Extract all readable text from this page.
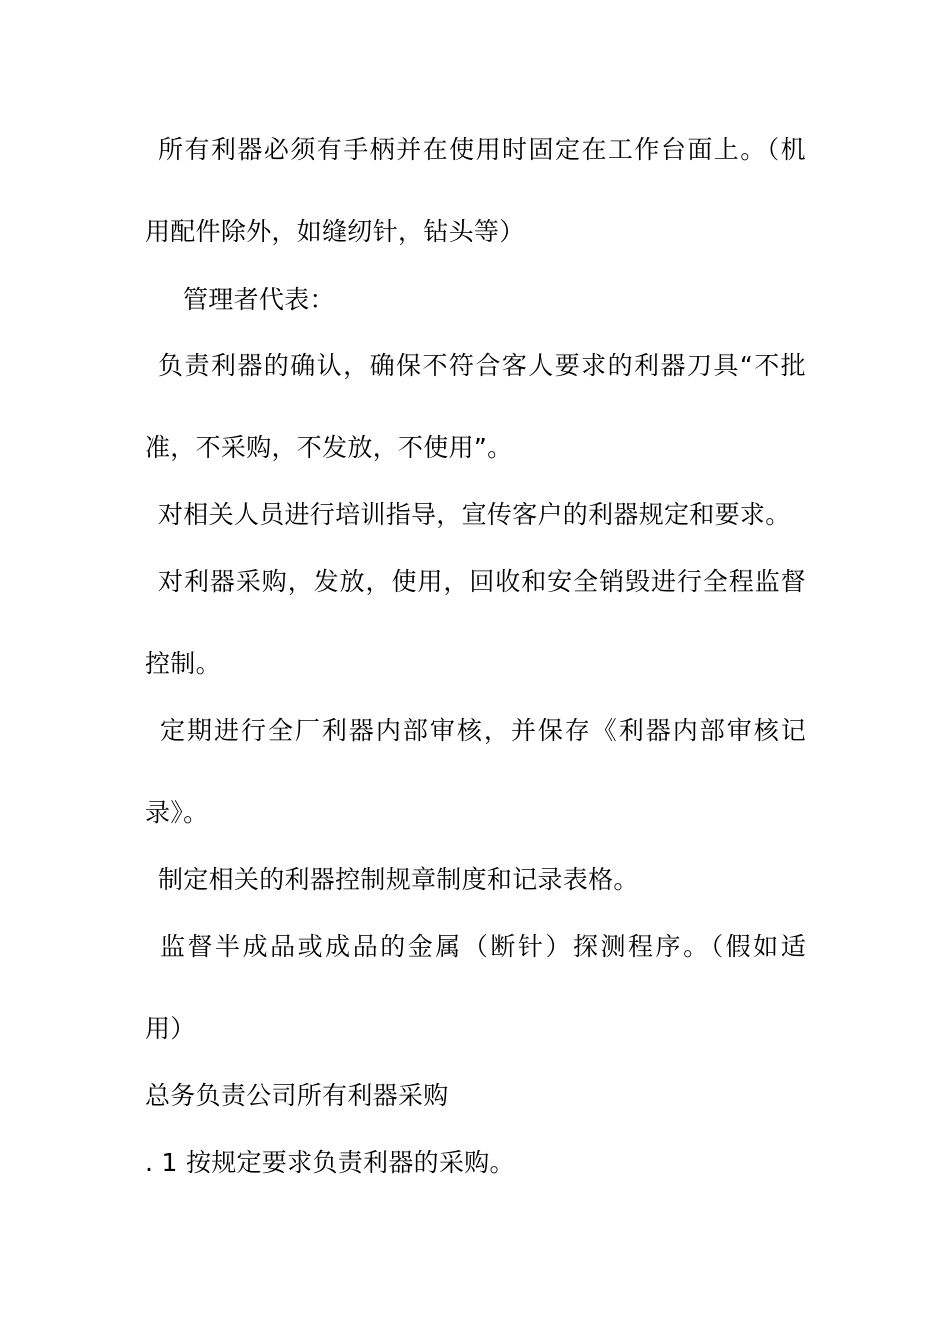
所有利器必须有手柄并在使用时固定在工作台面上。（机
用配件除外，如缝纫针，钻头等）
管理者代表：
负责利器的确认，确保不符合客人要求的利器刀具“不批
准，不采购，不发放，不使用”。
对相关人员进行培训指导，宣传客户的利器规定和要求。
对利器采购，发放，使用，回收和安全销毁进行全程监督
控制。
定期进行全厂利器内部审核，并保存《利器内部审核记
录》。
制定相关的利器控制规章制度和记录表格。
监督半成品或成品的金属（断针）探测程序。（假如适
用）
总务负责公司所有利器采购
. 1 按规定要求负责利器的采购。
